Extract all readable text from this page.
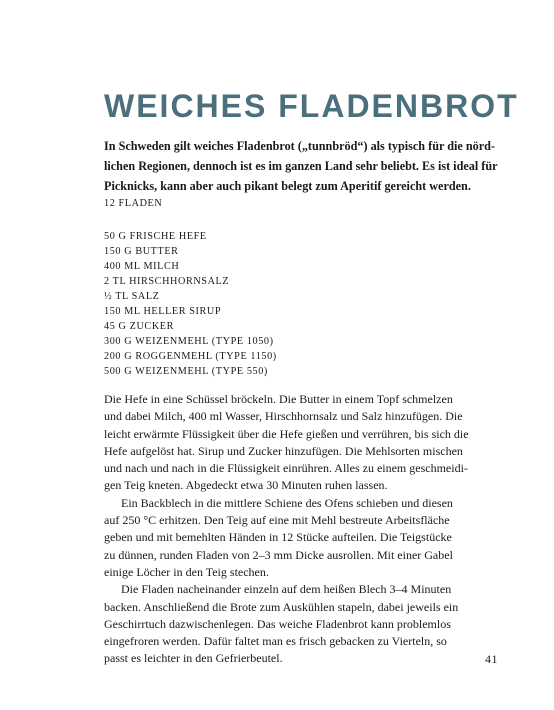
WEICHES FLADENBROT
In Schweden gilt weiches Fladenbrot („tunnbröd“) als typisch für die nörd-
lichen Regionen, dennoch ist es im ganzen Land sehr beliebt. Es ist ideal für
Picknicks, kann aber auch pikant belegt zum Aperitif gereicht werden.
12 FLADEN
50 G FRISCHE HEFE
150 G BUTTER
400 ML MILCH
2 TL HIRSCHHORNSALZ
½ TL SALZ
150 ML HELLER SIRUP
45 G ZUCKER
300 G WEIZENMEHL (TYPE 1050)
200 G ROGGENMEHL (TYPE 1150)
500 G WEIZENMEHL (TYPE 550)
Die Hefe in eine Schüssel bröckeln. Die Butter in einem Topf schmelzen
und dabei Milch, 400 ml Wasser, Hirschhornsalz und Salz hinzufügen. Die
leicht erwärmte Flüssigkeit über die Hefe gießen und verrühren, bis sich die
Hefe aufgelöst hat. Sirup und Zucker hinzufügen. Die Mehlsorten mischen
und nach und nach in die Flüssigkeit einrühren. Alles zu einem geschmeidi-
gen Teig kneten. Abgedeckt etwa 30 Minuten ruhen lassen.
Ein Backblech in die mittlere Schiene des Ofens schieben und diesen
auf 250 °C erhitzen. Den Teig auf eine mit Mehl bestreute Arbeitsfläche
geben und mit bemehlten Händen in 12 Stücke aufteilen. Die Teigstücke
zu dünnen, runden Fladen von 2–3 mm Dicke ausrollen. Mit einer Gabel
einige Löcher in den Teig stechen.
Die Fladen nacheinander einzeln auf dem heißen Blech 3–4 Minuten
backen. Anschließend die Brote zum Auskühlen stapeln, dabei jeweils ein
Geschirrtuch dazwischenlegen. Das weiche Fladenbrot kann problemlos
eingefroren werden. Dafür faltet man es frisch gebacken zu Vierteln, so
passt es leichter in den Gefrierbeutel.	41
